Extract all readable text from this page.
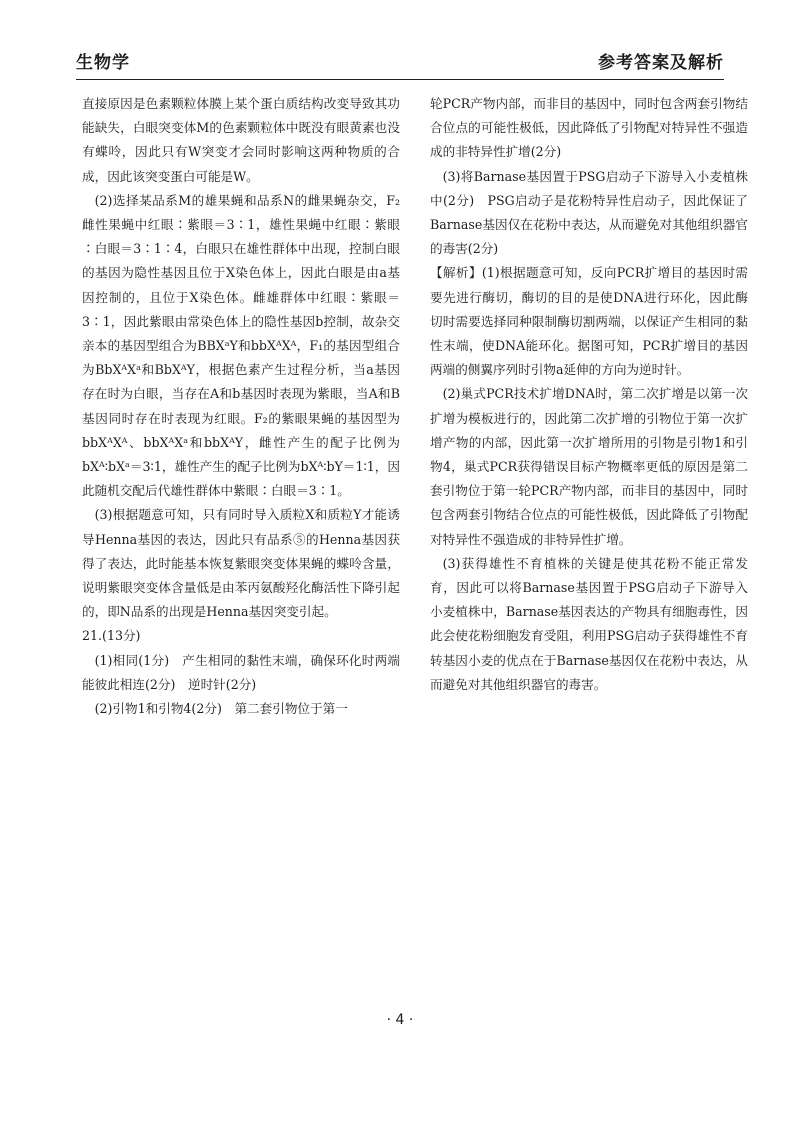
生物学	参考答案及解析

直接原因是色素颗粒体膜上某个蛋白质结构改变导致其功能缺失，白眼突变体M的色素颗粒体中既没有眼黄素也没有蝶呤，因此只有W突变才会同时影响这两种物质的合成，因此该突变蛋白可能是W。

(2)选择某品系M的雄果蝇和品系N的雌果蝇杂交，F₂雌性果蝇中红眼∶紫眼＝3∶1，雄性果蝇中红眼∶紫眼∶白眼＝3∶1∶4，白眼只在雄性群体中出现，控制白眼的基因为隐性基因且位于X染色体上，因此白眼是由a基因控制的，且位于X染色体。雌雄群体中红眼∶紫眼＝3∶1，因此紫眼由常染色体上的隐性基因b控制，故杂交亲本的基因型组合为BBXᵃY和bbXᴬXᴬ，F₁的基因型组合为BbXᴬXᵃ和BbXᴬY，根据色素产生过程分析，当a基因存在时为白眼，当存在A和b基因时表现为紫眼，当A和B基因同时存在时表现为红眼。F₂的紫眼果蝇的基因型为bbXᴬXᴬ、bbXᴬXᵃ和bbXᴬY，雌性产生的配子比例为bXᴬ∶bXᵃ＝3∶1，雄性产生的配子比例为bXᴬ∶bY＝1∶1，因此随机交配后代雄性群体中紫眼∶白眼＝3∶1。

(3)根据题意可知，只有同时导入质粒X和质粒Y才能诱导Henna基因的表达，因此只有品系⑤的Henna基因获得了表达，此时能基本恢复紫眼突变体果蝇的蝶呤含量，说明紫眼突变体含量低是由苯丙氨酸羟化酶活性下降引起的，即N品系的出现是Henna基因突变引起。

21.(13分)

(1)相同(1分)　产生相同的黏性末端，确保环化时两端能彼此相连(2分)　逆时针(2分)

(2)引物1和引物4(2分)　第二套引物位于第一

轮PCR产物内部，而非目的基因中，同时包含两套引物结合位点的可能性极低，因此降低了引物配对特异性不强造成的非特异性扩增(2分)

(3)将Barnase基因置于PSG启动子下游导入小麦植株中(2分)　PSG启动子是花粉特异性启动子，因此保证了Barnase基因仅在花粉中表达，从而避免对其他组织器官的毒害(2分)

【解析】(1)根据题意可知，反向PCR扩增目的基因时需要先进行酶切，酶切的目的是使DNA进行环化，因此酶切时需要选择同种限制酶切割两端，以保证产生相同的黏性末端，使DNA能环化。据图可知，PCR扩增目的基因两端的侧翼序列时引物a延伸的方向为逆时针。

(2)巢式PCR技术扩增DNA时，第二次扩增是以第一次扩增为模板进行的，因此第二次扩增的引物位于第一次扩增产物的内部，因此第一次扩增所用的引物是引物1和引物4，巢式PCR获得错误目标产物概率更低的原因是第二套引物位于第一轮PCR产物内部，而非目的基因中，同时包含两套引物结合位点的可能性极低，因此降低了引物配对特异性不强造成的非特异性扩增。

(3)获得雄性不育植株的关键是使其花粉不能正常发育，因此可以将Barnase基因置于PSG启动子下游导入小麦植株中，Barnase基因表达的产物具有细胞毒性，因此会使花粉细胞发育受阻，利用PSG启动子获得雄性不育转基因小麦的优点在于Barnase基因仅在花粉中表达，从而避免对其他组织器官的毒害。

· 4 ·
